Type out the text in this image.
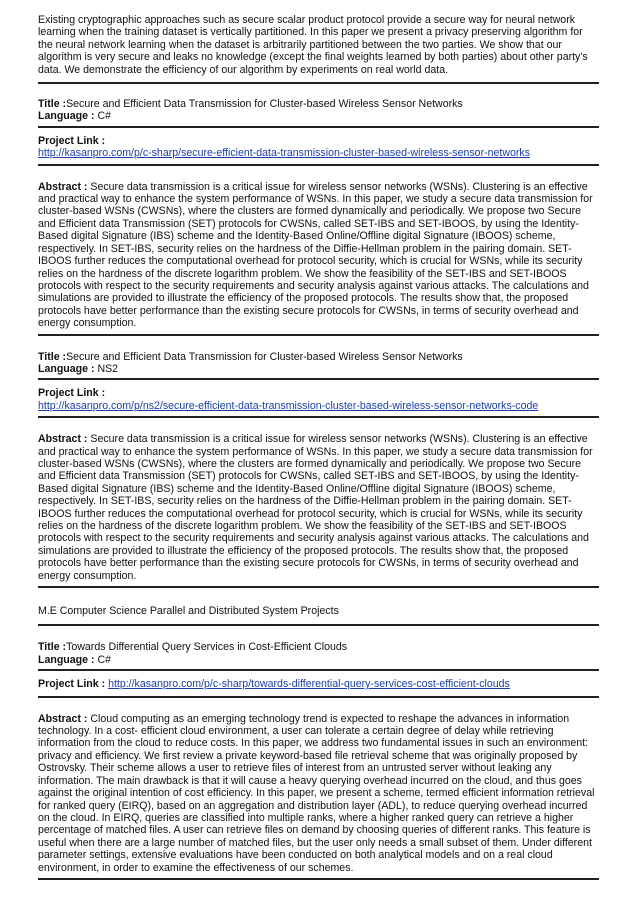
Existing cryptographic approaches such as secure scalar product protocol provide a secure way for neural network learning when the training dataset is vertically partitioned. In this paper we present a privacy preserving algorithm for the neural network learning when the dataset is arbitrarily partitioned between the two parties. We show that our algorithm is very secure and leaks no knowledge (except the final weights learned by both parties) about other party's data. We demonstrate the efficiency of our algorithm by experiments on real world data.

Title :Secure and Efficient Data Transmission for Cluster-based Wireless Sensor Networks
Language : C#
Project Link :
http://kasanpro.com/p/c-sharp/secure-efficient-data-transmission-cluster-based-wireless-sensor-networks

Abstract : Secure data transmission is a critical issue for wireless sensor networks (WSNs). Clustering is an effective and practical way to enhance the system performance of WSNs. In this paper, we study a secure data transmission for cluster-based WSNs (CWSNs), where the clusters are formed dynamically and periodically. We propose two Secure and Efficient data Transmission (SET) protocols for CWSNs, called SET-IBS and SET-IBOOS, by using the Identity-Based digital Signature (IBS) scheme and the Identity-Based Online/Offline digital Signature (IBOOS) scheme, respectively. In SET-IBS, security relies on the hardness of the Diffie-Hellman problem in the pairing domain. SET-IBOOS further reduces the computational overhead for protocol security, which is crucial for WSNs, while its security relies on the hardness of the discrete logarithm problem. We show the feasibility of the SET-IBS and SET-IBOOS protocols with respect to the security requirements and security analysis against various attacks. The calculations and simulations are provided to illustrate the efficiency of the proposed protocols. The results show that, the proposed protocols have better performance than the existing secure protocols for CWSNs, in terms of security overhead and energy consumption.

Title :Secure and Efficient Data Transmission for Cluster-based Wireless Sensor Networks
Language : NS2
Project Link :
http://kasanpro.com/p/ns2/secure-efficient-data-transmission-cluster-based-wireless-sensor-networks-code

Abstract : Secure data transmission is a critical issue for wireless sensor networks (WSNs). Clustering is an effective and practical way to enhance the system performance of WSNs. In this paper, we study a secure data transmission for cluster-based WSNs (CWSNs), where the clusters are formed dynamically and periodically. We propose two Secure and Efficient data Transmission (SET) protocols for CWSNs, called SET-IBS and SET-IBOOS, by using the Identity-Based digital Signature (IBS) scheme and the Identity-Based Online/Offline digital Signature (IBOOS) scheme, respectively. In SET-IBS, security relies on the hardness of the Diffie-Hellman problem in the pairing domain. SET-IBOOS further reduces the computational overhead for protocol security, which is crucial for WSNs, while its security relies on the hardness of the discrete logarithm problem. We show the feasibility of the SET-IBS and SET-IBOOS protocols with respect to the security requirements and security analysis against various attacks. The calculations and simulations are provided to illustrate the efficiency of the proposed protocols. The results show that, the proposed protocols have better performance than the existing secure protocols for CWSNs, in terms of security overhead and energy consumption.

M.E Computer Science Parallel and Distributed System Projects
Title :Towards Differential Query Services in Cost-Efficient Clouds
Language : C#
Project Link : http://kasanpro.com/p/c-sharp/towards-differential-query-services-cost-efficient-clouds

Abstract : Cloud computing as an emerging technology trend is expected to reshape the advances in information technology. In a cost- efficient cloud environment, a user can tolerate a certain degree of delay while retrieving information from the cloud to reduce costs. In this paper, we address two fundamental issues in such an environment: privacy and efficiency. We first review a private keyword-based file retrieval scheme that was originally proposed by Ostrovsky. Their scheme allows a user to retrieve files of interest from an untrusted server without leaking any information. The main drawback is that it will cause a heavy querying overhead incurred on the cloud, and thus goes against the original intention of cost efficiency. In this paper, we present a scheme, termed efficient information retrieval for ranked query (EIRQ), based on an aggregation and distribution layer (ADL), to reduce querying overhead incurred on the cloud. In EIRQ, queries are classified into multiple ranks, where a higher ranked query can retrieve a higher percentage of matched files. A user can retrieve files on demand by choosing queries of different ranks. This feature is useful when there are a large number of matched files, but the user only needs a small subset of them. Under different parameter settings, extensive evaluations have been conducted on both analytical models and on a real cloud environment, in order to examine the effectiveness of our schemes.
